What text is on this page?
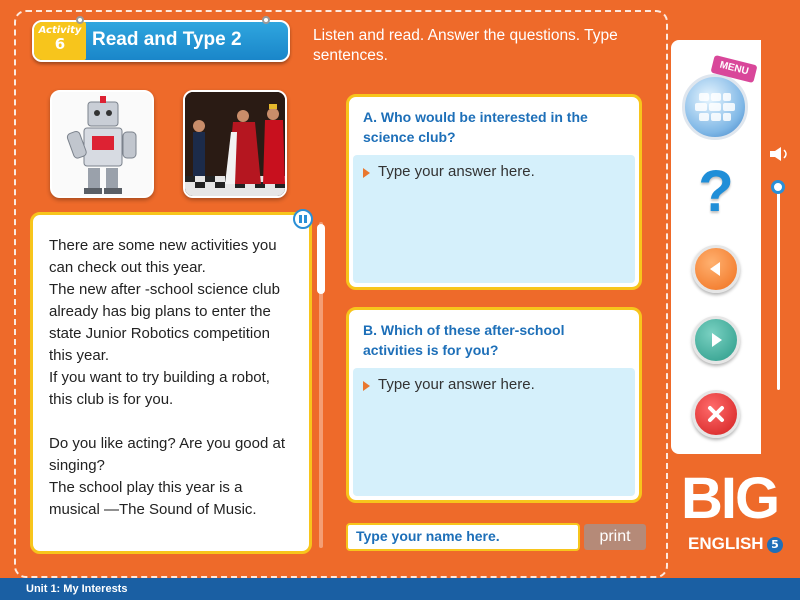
Activity
6	Read and Type 2	Listen and read. Answer the questions. Type sentences.
There are some new activities you can check out this year.
The new after -school science club already has big plans to enter the state Junior Robotics competition this year.
If you want to try building a robot, this club is for you.

Do you like acting? Are you good at singing?
The school play this year is a musical —The Sound of Music.
A. Who would be interested in the science club?
Type your answer here.
B. Which of these after-school activities is for you?
Type your answer here.
Type your name here.	print
MENU
?
BIG
ENGLISH 5
Unit 1: My Interests
